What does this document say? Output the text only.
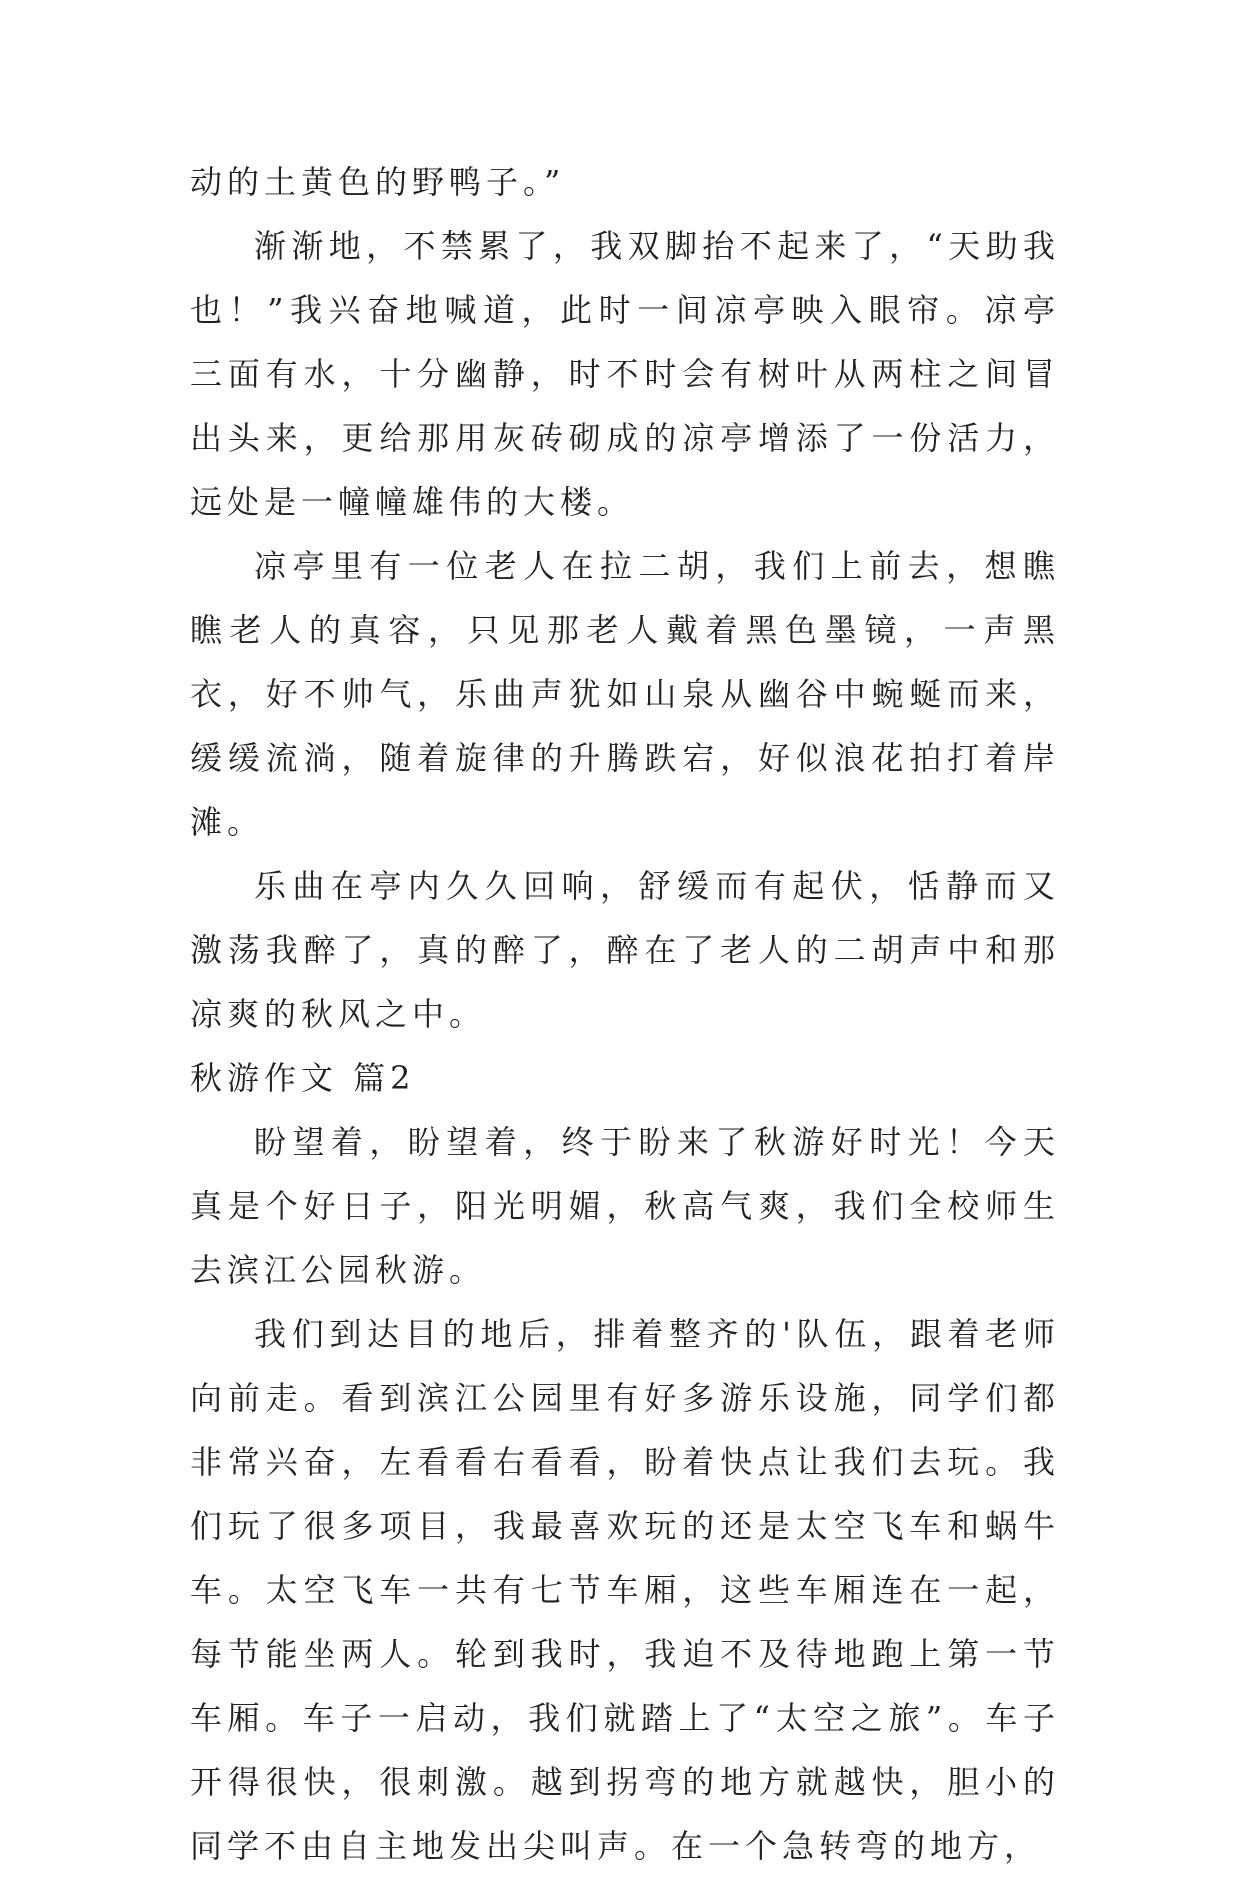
动的土黄色的野鸭子。”

渐渐地，不禁累了，我双脚抬不起来了，“天助我也！”我兴奋地喊道，此时一间凉亭映入眼帘。凉亭三面有水，十分幽静，时不时会有树叶从两柱之间冒出头来，更给那用灰砖砌成的凉亭增添了一份活力，远处是一幢幢雄伟的大楼。

凉亭里有一位老人在拉二胡，我们上前去，想瞧瞧老人的真容，只见那老人戴着黑色墨镜，一声黑衣，好不帅气，乐曲声犹如山泉从幽谷中蜿蜒而来，缓缓流淌，随着旋律的升腾跌宕，好似浪花拍打着岸滩。

乐曲在亭内久久回响，舒缓而有起伏，恬静而又激荡我醉了，真的醉了，醉在了老人的二胡声中和那凉爽的秋风之中。

秋游作文 篇2

盼望着，盼望着，终于盼来了秋游好时光！今天真是个好日子，阳光明媚，秋高气爽，我们全校师生去滨江公园秋游。

我们到达目的地后，排着整齐的'队伍，跟着老师向前走。看到滨江公园里有好多游乐设施，同学们都非常兴奋，左看看右看看，盼着快点让我们去玩。我们玩了很多项目，我最喜欢玩的还是太空飞车和蜗牛车。太空飞车一共有七节车厢，这些车厢连在一起，每节能坐两人。轮到我时，我迫不及待地跑上第一节车厢。车子一启动，我们就踏上了“太空之旅”。车子开得很快，很刺激。越到拐弯的地方就越快，胆小的同学不由自主地发出尖叫声。在一个急转弯的地方，
